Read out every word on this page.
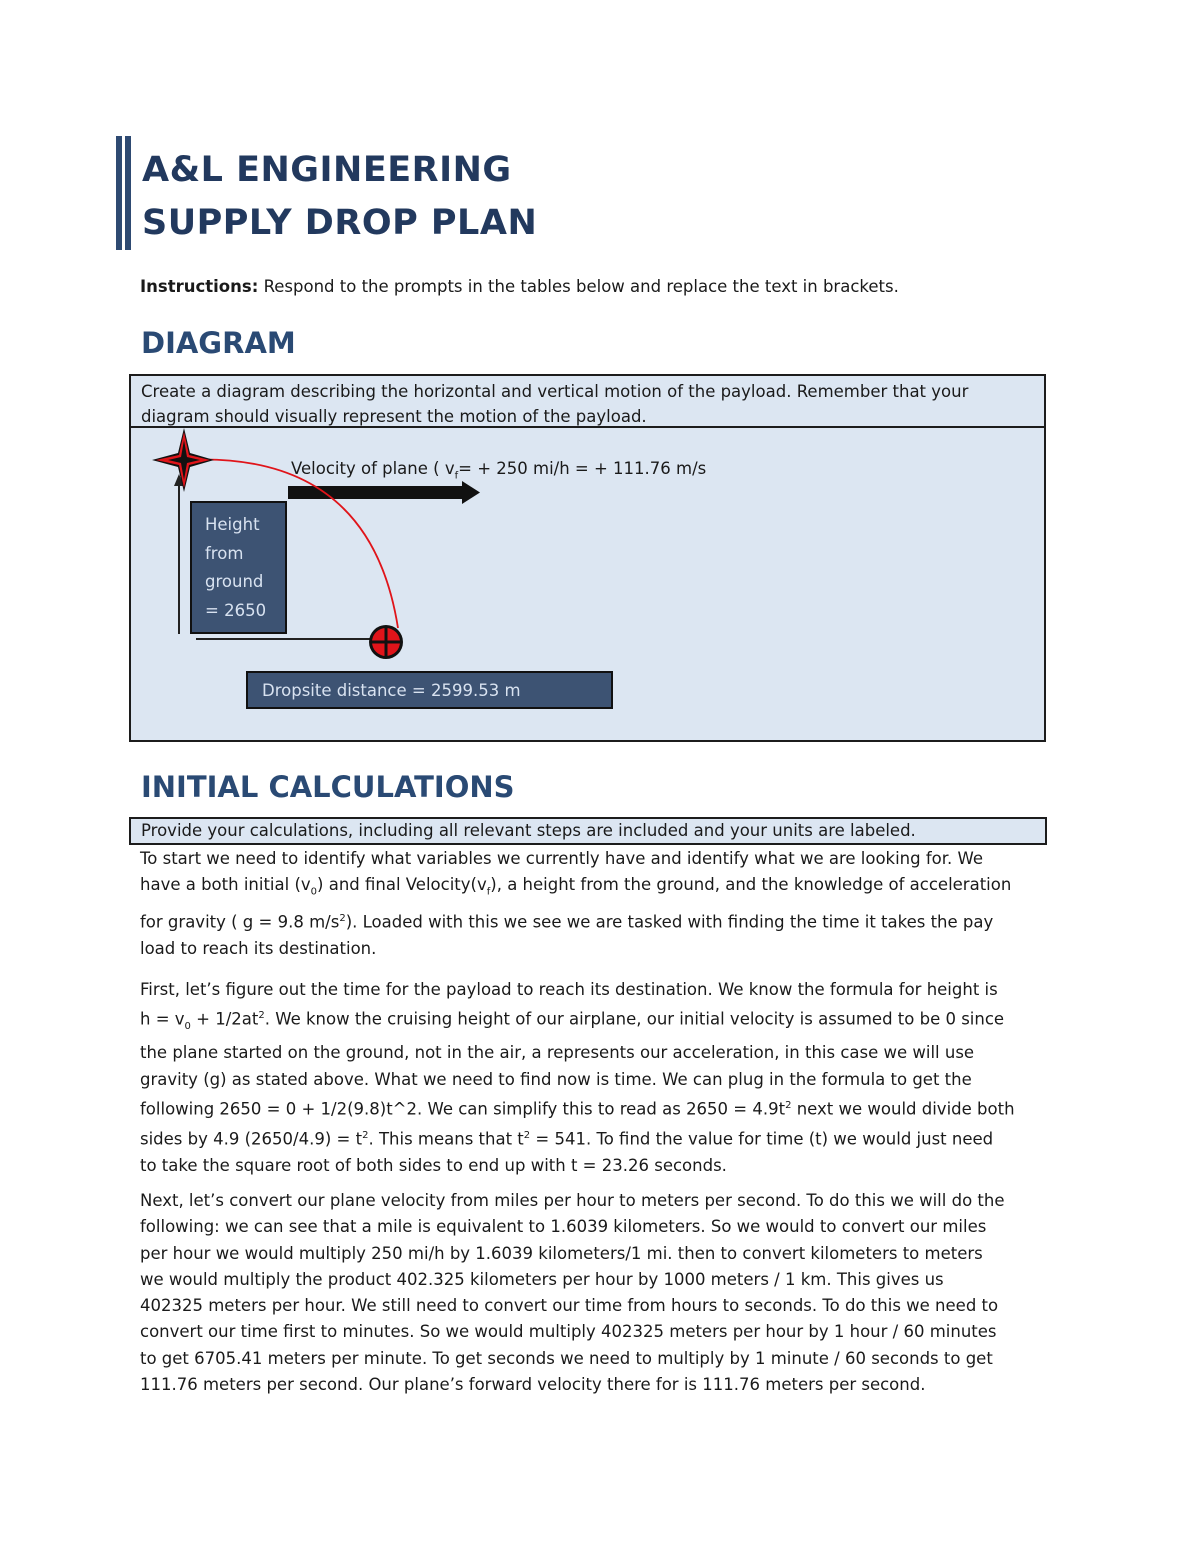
A&L ENGINEERING
SUPPLY DROP PLAN
Instructions: Respond to the prompts in the tables below and replace the text in brackets.
DIAGRAM
Create a diagram describing the horizontal and vertical motion of the payload. Remember that your
diagram should visually represent the motion of the payload.
Velocity of plane ( $v_f= + 250$ mi/h = + 111.76 m/s
Height
from
ground
= 2650
Dropsite distance = 2599.53 m
INITIAL CALCULATIONS
Provide your calculations, including all relevant steps are included and your units are labeled.
To start we need to identify what variables we currently have and identify what we are looking for. We
have a both initial $(v_0)$ and final $Velocity(v_f)$, a height from the ground, and the knowledge of acceleration
for gravity ( g = 9.8 $m/s^2$). Loaded with this we see we are tasked with finding the time it takes the pay
load to reach its destination.
First, let’s figure out the time for the payload to reach its destination. We know the formula for height is
$h = v_0 + 1/2at^2$. We know the cruising height of our airplane, our initial velocity is assumed to be 0 since
the plane started on the ground, not in the air, a represents our acceleration, in this case we will use
gravity (g) as stated above. What we need to find now is time. We can plug in the formula to get the
following 2650 = 0 + 1/2(9.8)t^2. We can simplify this to read as $2650 = 4.9t^2$ next we would divide both
sides by 4.9 $(2650/4.9) = t^2$. This means that $t^2 = 541$. To find the value for time (t) we would just need
to take the square root of both sides to end up with t = 23.26 seconds.
Next, let’s convert our plane velocity from miles per hour to meters per second. To do this we will do the
following: we can see that a mile is equivalent to 1.6039 kilometers. So we would to convert our miles
per hour we would multiply 250 mi/h by 1.6039 kilometers/1 mi. then to convert kilometers to meters
we would multiply the product 402.325 kilometers per hour by 1000 meters / 1 km. This gives us
402325 meters per hour. We still need to convert our time from hours to seconds. To do this we need to
convert our time first to minutes. So we would multiply 402325 meters per hour by 1 hour / 60 minutes
to get 6705.41 meters per minute. To get seconds we need to multiply by 1 minute / 60 seconds to get
111.76 meters per second. Our plane’s forward velocity there for is 111.76 meters per second.
